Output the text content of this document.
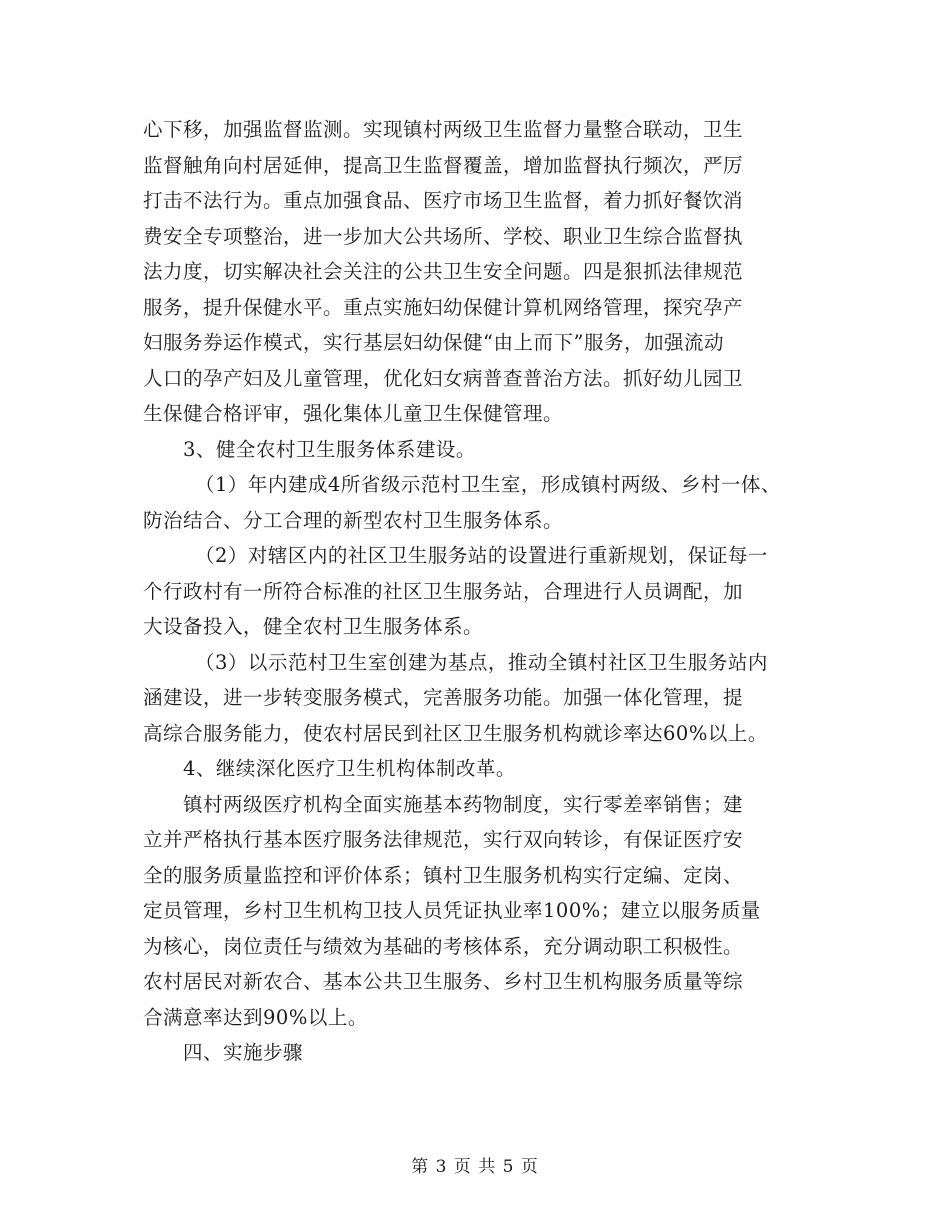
心下移，加强监督监测。实现镇村两级卫生监督力量整合联动，卫生
监督触角向村居延伸，提高卫生监督覆盖，增加监督执行频次，严厉
打击不法行为。重点加强食品、医疗市场卫生监督，着力抓好餐饮消
费安全专项整治，进一步加大公共场所、学校、职业卫生综合监督执
法力度，切实解决社会关注的公共卫生安全问题。四是狠抓法律规范
服务，提升保健水平。重点实施妇幼保健计算机网络管理，探究孕产
妇服务券运作模式，实行基层妇幼保健“由上而下”服务，加强流动
人口的孕产妇及儿童管理，优化妇女病普查普治方法。抓好幼儿园卫
生保健合格评审，强化集体儿童卫生保健管理。
3、健全农村卫生服务体系建设。
（1）年内建成4所省级示范村卫生室，形成镇村两级、乡村一体、
防治结合、分工合理的新型农村卫生服务体系。
（2）对辖区内的社区卫生服务站的设置进行重新规划，保证每一
个行政村有一所符合标准的社区卫生服务站，合理进行人员调配，加
大设备投入，健全农村卫生服务体系。
（3）以示范村卫生室创建为基点，推动全镇村社区卫生服务站内
涵建设，进一步转变服务模式，完善服务功能。加强一体化管理，提
高综合服务能力，使农村居民到社区卫生服务机构就诊率达60%以上。
4、继续深化医疗卫生机构体制改革。
镇村两级医疗机构全面实施基本药物制度，实行零差率销售；建
立并严格执行基本医疗服务法律规范，实行双向转诊，有保证医疗安
全的服务质量监控和评价体系；镇村卫生服务机构实行定编、定岗、
定员管理，乡村卫生机构卫技人员凭证执业率100%；建立以服务质量
为核心，岗位责任与绩效为基础的考核体系，充分调动职工积极性。
农村居民对新农合、基本公共卫生服务、乡村卫生机构服务质量等综
合满意率达到90%以上。
四、实施步骤
第 3 页 共 5 页
